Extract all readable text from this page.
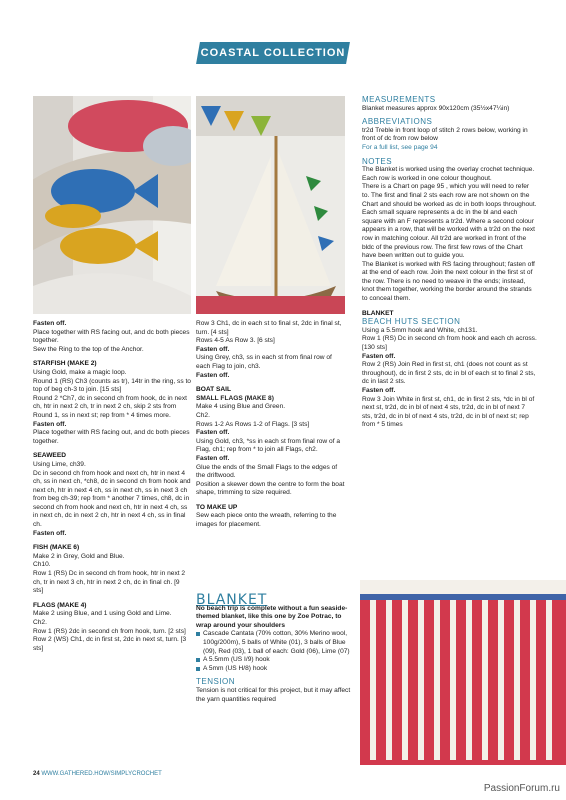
COASTAL COLLECTION

Fasten off.

Place together with RS facing out, and dc both pieces together.

Sew the Ring to the top of the Anchor.

STARFISH (MAKE 2)

Using Gold, make a magic loop.

Round 1 (RS) Ch3 (counts as tr), 14tr in the ring, ss to top of beg ch-3 to join. [15 sts]

Round 2 *Ch7, dc in second ch from hook, dc in next ch, htr in next 2 ch, tr in next 2 ch, skip 2 sts from Round 1, ss in next st; rep from * 4 times more.

Fasten off.

Place together with RS facing out, and dc both pieces together.

SEAWEED

Using Lime, ch39.

Dc in second ch from hook and next ch, htr in next 4 ch, ss in next ch, *ch8, dc in second ch from hook and next ch, htr in next 4 ch, ss in next ch, ss in next 3 ch from beg ch-39; rep from * another 7 times, ch8, dc in second ch from hook and next ch, htr in next 4 ch, ss in next ch, dc in next 2 ch, htr in next 4 ch, ss in final ch.

Fasten off.

FISH (MAKE 6)

Make 2 in Grey, Gold and Blue.

Ch10.

Row 1 (RS) Dc in second ch from hook, htr in next 2 ch, tr in next 3 ch, htr in next 2 ch, dc in final ch. [9 sts]

FLAGS (MAKE 4)

Make 2 using Blue, and 1 using Gold and Lime.

Ch2.

Row 1 (RS) 2dc in second ch from hook, turn. [2 sts]

Row 2 (WS) Ch1, dc in first st, 2dc in next st, turn. [3 sts]

Row 3 Ch1, dc in each st to final st, 2dc in final st, turn. [4 sts]

Rows 4-5 As Row 3. [6 sts]

Fasten off.

Using Grey, ch3, ss in each st from final row of each Flag to join, ch3.

Fasten off.

BOAT SAIL

SMALL FLAGS (MAKE 8)

Make 4 using Blue and Green.

Ch2.

Rows 1-2 As Rows 1-2 of Flags. [3 sts]

Fasten off.

Using Gold, ch3, *ss in each st from final row of a Flag, ch1; rep from * to join all Flags, ch2.

Fasten off.

Glue the ends of the Small Flags to the edges of the driftwood.

Position a skewer down the centre to form the boat shape, trimming to size required.

TO MAKE UP

Sew each piece onto the wreath, referring to the images for placement.

BLANKET

No beach trip is complete without a fun seaside-themed blanket, like this one by Zoe Potrac, to wrap around your shoulders

Cascade Cantata (70% cotton, 30% Merino wool, 100g/200m), 5 balls of White (01), 3 balls of Blue (09), Red (03), 1 ball of each: Gold (06), Lime (07)
A 5.5mm (US I/9) hook
A 5mm (US H/8) hook

TENSION

Tension is not critical for this project, but it may affect the yarn quantities required

MEASUREMENTS

Blanket measures approx 90x120cm (35½x47¼in)

ABBREVIATIONS

tr2d Treble in front loop of stitch 2 rows below, working in front of dc from row below

For a full list, see page 94

NOTES

The Blanket is worked using the overlay crochet technique. Each row is worked in one colour thoughout.

There is a Chart on page 95 , which you will need to refer to. The first and final 2 sts each row are not shown on the Chart and should be worked as dc in both loops throughout.

Each small square represents a dc in the bl and each square with an F represents a tr2d. Where a second colour appears in a row, that will be worked with a tr2d on the next row in matching colour. All tr2d are worked in front of the bldc of the previous row. The first few rows of the Chart have been written out to guide you.

The Blanket is worked with RS facing throughout; fasten off at the end of each row. Join the next colour in the first st of the row. There is no need to weave in the ends; instead, knot them together, working the border around the strands to conceal them.

BLANKET

BEACH HUTS SECTION

Using a 5.5mm hook and White, ch131.

Row 1 (RS) Dc in second ch from hook and each ch across. [130 sts]

Fasten off.

Row 2 (RS) Join Red in first st, ch1 (does not count as st throughout), dc in first 2 sts, dc in bl of each st to final 2 sts, dc in last 2 sts.

Fasten off.

Row 3 Join White in first st, ch1, dc in first 2 sts, *dc in bl of next st, tr2d, dc in bl of next 4 sts, tr2d, dc in bl of next 7 sts, tr2d, dc in bl of next 4 sts, tr2d, dc in bl of next st; rep from * 5 times

24 WWW.GATHERED.HOW/SIMPLYCROCHET
PassionForum.ru
